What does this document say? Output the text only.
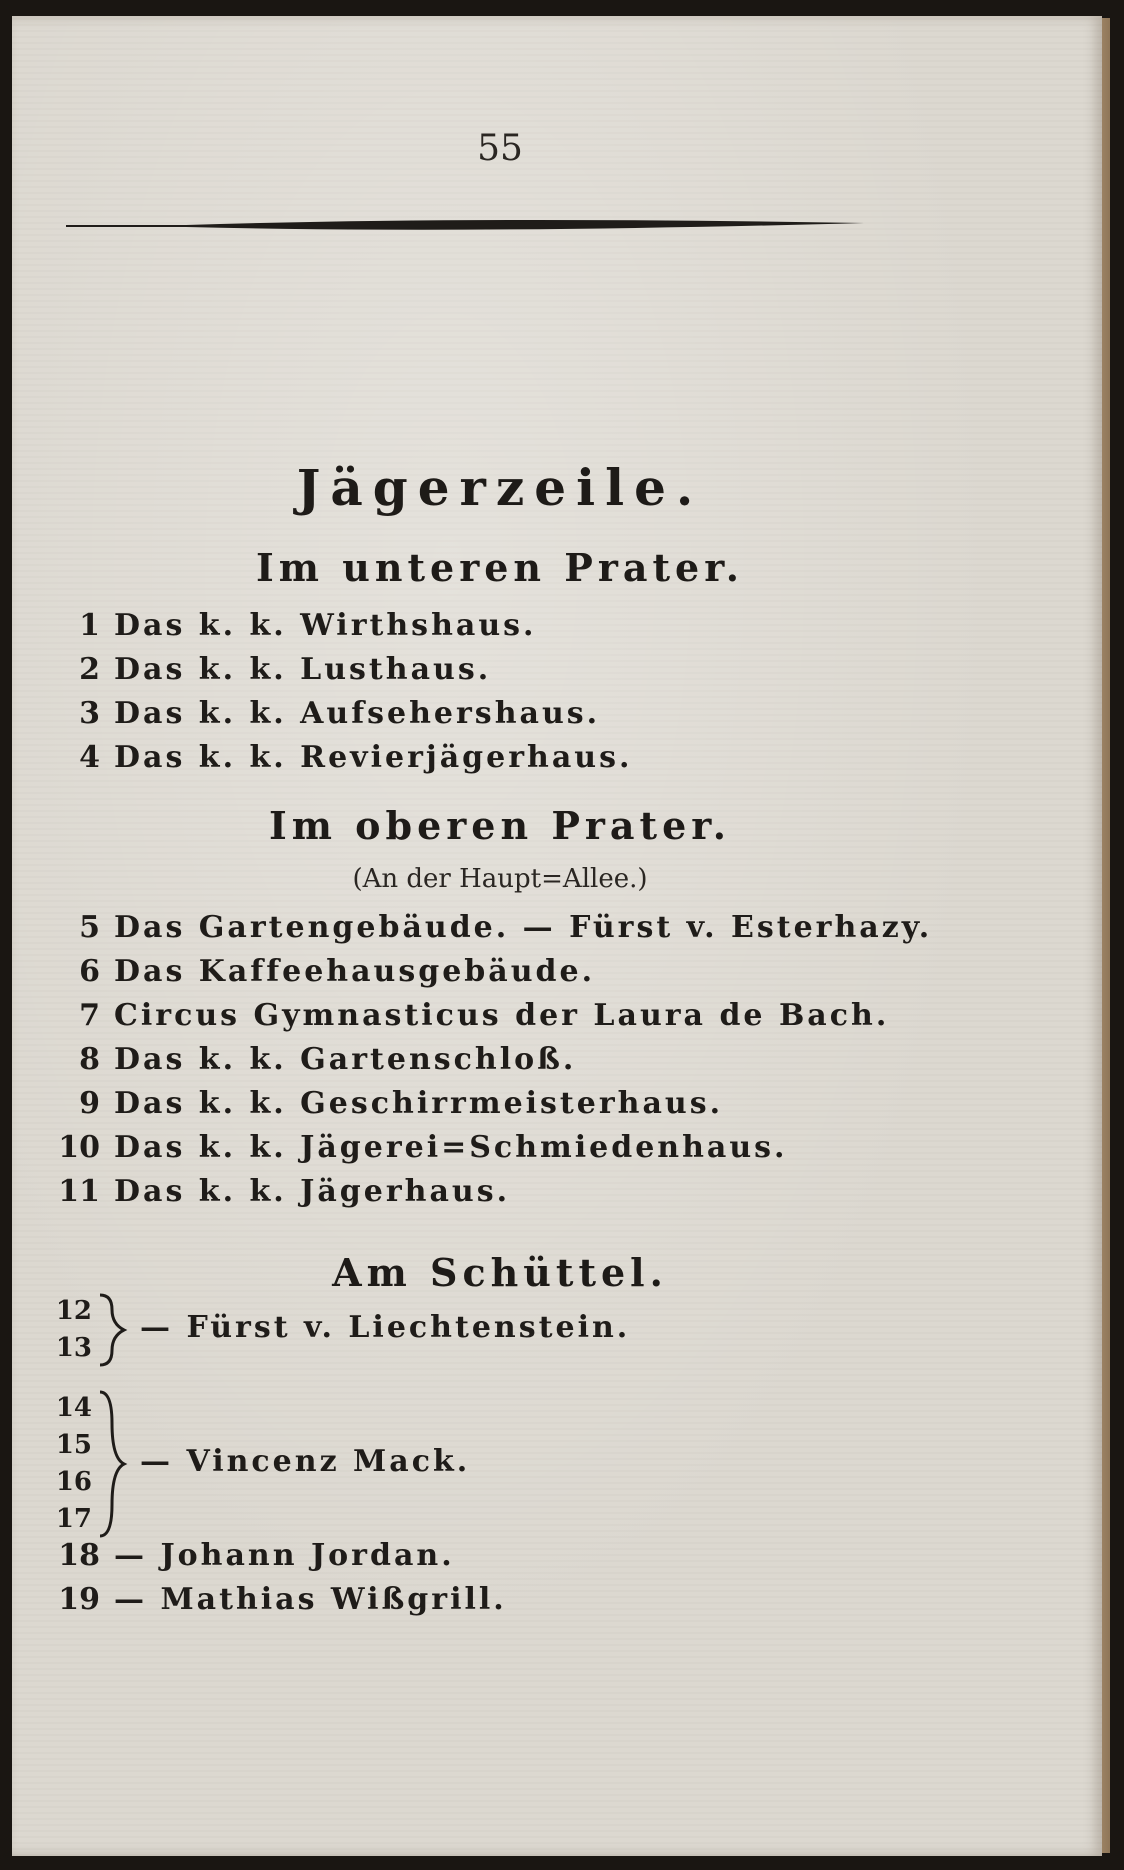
55
Jägerzeile.
Im unteren Prater.
1 Das k. k. Wirthshaus.
2 Das k. k. Lusthaus.
3 Das k. k. Aufsehershaus.
4 Das k. k. Revierjägerhaus.
Im oberen Prater.
(An der Haupt=Allee.)
5 Das Gartengebäude. — Fürst v. Esterhazy.
6 Das Kaffeehausgebäude.
7 Circus Gymnasticus der Laura de Bach.
8 Das k. k. Gartenschloß.
9 Das k. k. Geschirrmeisterhaus.
10 Das k. k. Jägerei=Schmiedenhaus.
11 Das k. k. Jägerhaus.
Am Schüttel.
12
13
— Fürst v. Liechtenstein.
14
15
16
17
— Vincenz Mack.
18 — Johann Jordan.
19 — Mathias Wißgrill.
